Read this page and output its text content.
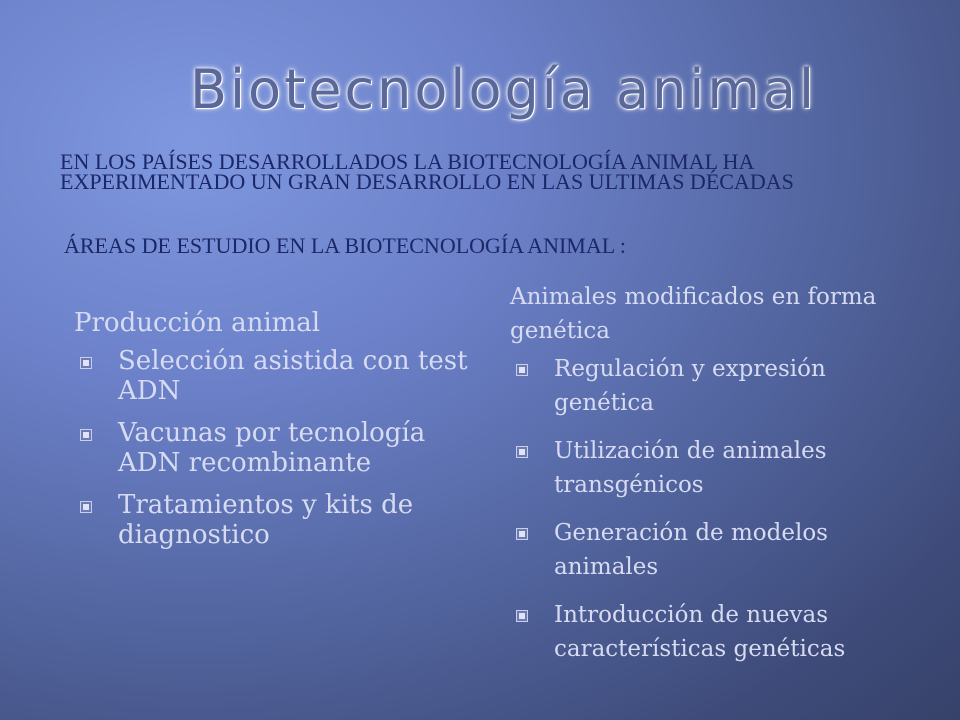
Biotecnología animal
EN LOS PAÍSES DESARROLLADOS LA BIOTECNOLOGÍA ANIMAL HA EXPERIMENTADO UN GRAN DESARROLLO EN LAS ULTIMAS DÉCADAS
ÁREAS DE ESTUDIO EN LA BIOTECNOLOGÍA ANIMAL :
Producción animal
Selección asistida con test ADN
Vacunas por tecnología ADN recombinante
Tratamientos y kits de diagnostico
Animales modificados en forma genética
Regulación y expresión genética
Utilización de animales transgénicos
Generación de modelos animales
Introducción de nuevas características genéticas
